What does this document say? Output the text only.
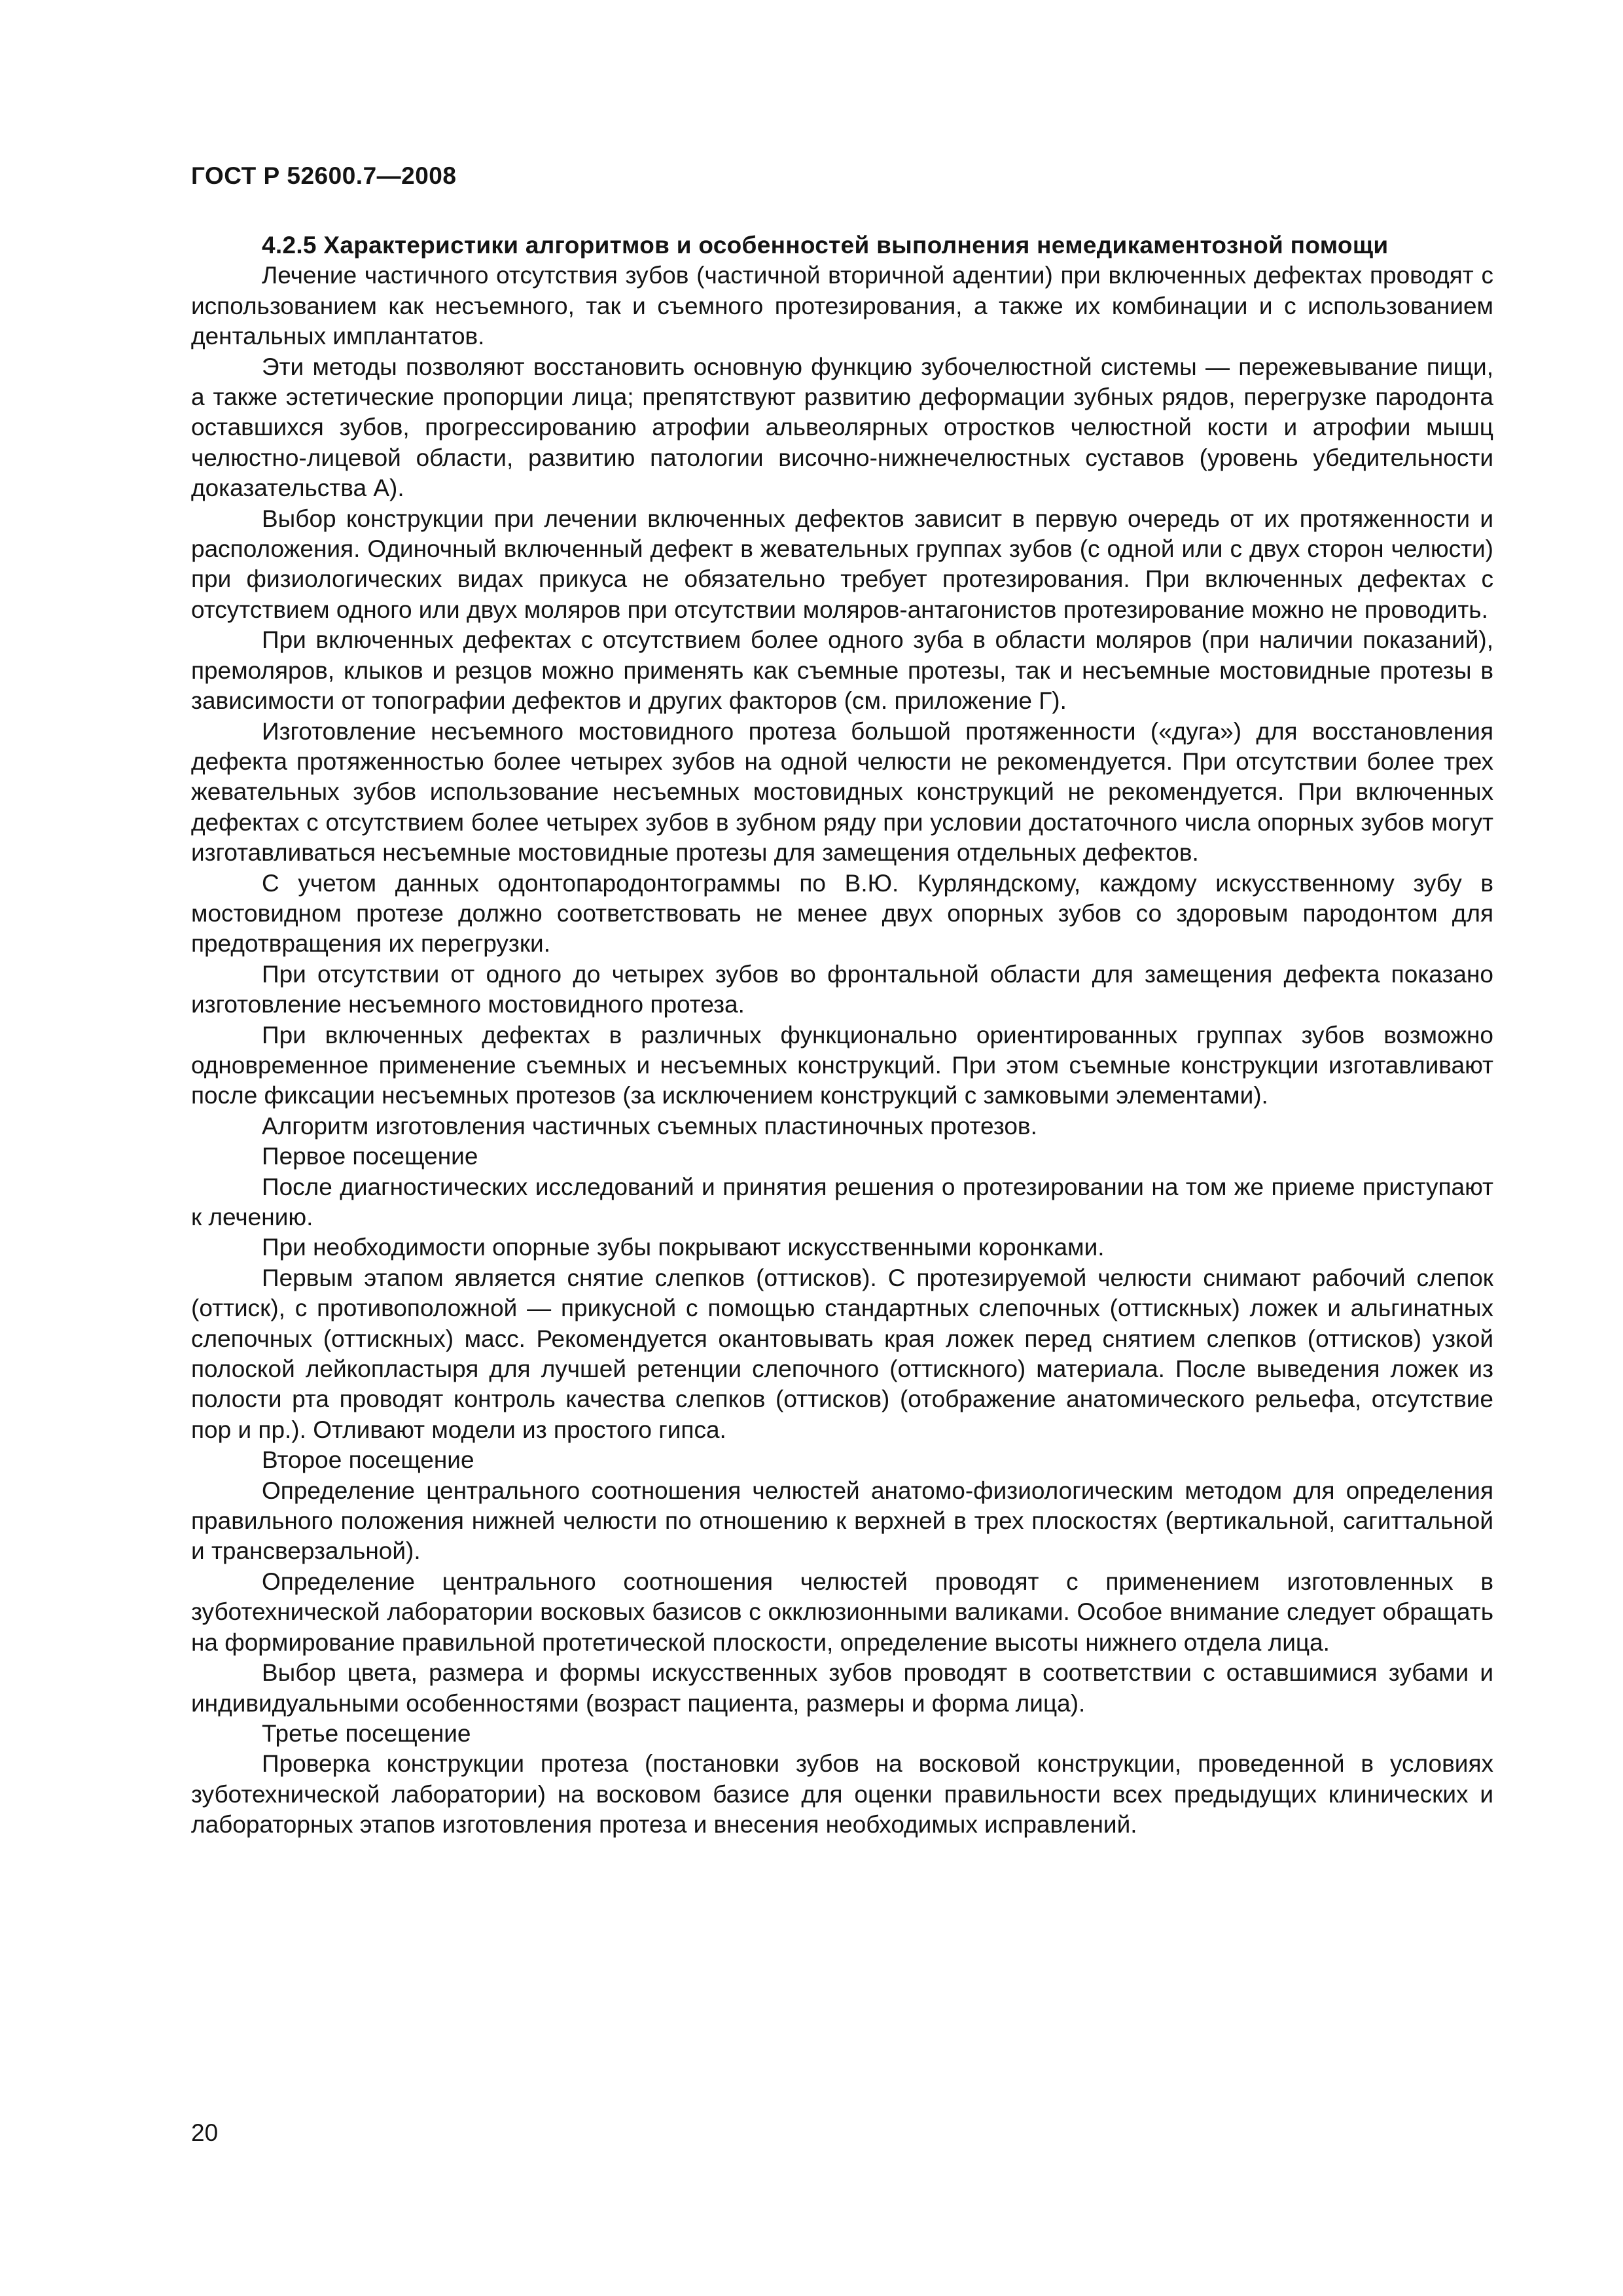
ГОСТ Р 52600.7—2008

4.2.5 Характеристики алгоритмов и особенностей выполнения немедикаментозной помощи

Лечение частичного отсутствия зубов (частичной вторичной адентии) при включенных дефектах проводят с использованием как несъемного, так и съемного протезирования, а также их комбинации и с использованием дентальных имплантатов.

Эти методы позволяют восстановить основную функцию зубочелюстной системы — пережевывание пищи, а также эстетические пропорции лица; препятствуют развитию деформации зубных рядов, перегрузке пародонта оставшихся зубов, прогрессированию атрофии альвеолярных отростков челюстной кости и атрофии мышц челюстно-лицевой области, развитию патологии височно-нижнечелюстных суставов (уровень убедительности доказательства А).

Выбор конструкции при лечении включенных дефектов зависит в первую очередь от их протяженности и расположения. Одиночный включенный дефект в жевательных группах зубов (с одной или с двух сторон челюсти) при физиологических видах прикуса не обязательно требует протезирования. При включенных дефектах с отсутствием одного или двух моляров при отсутствии моляров-антагонистов протезирование можно не проводить.

При включенных дефектах с отсутствием более одного зуба в области моляров (при наличии показаний), премоляров, клыков и резцов можно применять как съемные протезы, так и несъемные мостовидные протезы в зависимости от топографии дефектов и других факторов (см. приложение Г).

Изготовление несъемного мостовидного протеза большой протяженности («дуга») для восстановления дефекта протяженностью более четырех зубов на одной челюсти не рекомендуется. При отсутствии более трех жевательных зубов использование несъемных мостовидных конструкций не рекомендуется. При включенных дефектах с отсутствием более четырех зубов в зубном ряду при условии достаточного числа опорных зубов могут изготавливаться несъемные мостовидные протезы для замещения отдельных дефектов.

С учетом данных одонтопародонтограммы по В.Ю. Курляндскому, каждому искусственному зубу в мостовидном протезе должно соответствовать не менее двух опорных зубов со здоровым пародонтом для предотвращения их перегрузки.

При отсутствии от одного до четырех зубов во фронтальной области для замещения дефекта показано изготовление несъемного мостовидного протеза.

При включенных дефектах в различных функционально ориентированных группах зубов возможно одновременное применение съемных и несъемных конструкций. При этом съемные конструкции изготавливают после фиксации несъемных протезов (за исключением конструкций с замковыми элементами).

Алгоритм изготовления частичных съемных пластиночных протезов.

Первое посещение

После диагностических исследований и принятия решения о протезировании на том же приеме приступают к лечению.

При необходимости опорные зубы покрывают искусственными коронками.

Первым этапом является снятие слепков (оттисков). С протезируемой челюсти снимают рабочий слепок (оттиск), с противоположной — прикусной с помощью стандартных слепочных (оттискных) ложек и альгинатных слепочных (оттискных) масс. Рекомендуется окантовывать края ложек перед снятием слепков (оттисков) узкой полоской лейкопластыря для лучшей ретенции слепочного (оттискного) материала. После выведения ложек из полости рта проводят контроль качества слепков (оттисков) (отображение анатомического рельефа, отсутствие пор и пр.). Отливают модели из простого гипса.

Второе посещение

Определение центрального соотношения челюстей анатомо-физиологическим методом для определения правильного положения нижней челюсти по отношению к верхней в трех плоскостях (вертикальной, сагиттальной и трансверзальной).

Определение центрального соотношения челюстей проводят с применением изготовленных в зуботехнической лаборатории восковых базисов с окклюзионными валиками. Особое внимание следует обращать на формирование правильной протетической плоскости, определение высоты нижнего отдела лица.

Выбор цвета, размера и формы искусственных зубов проводят в соответствии с оставшимися зубами и индивидуальными особенностями (возраст пациента, размеры и форма лица).

Третье посещение

Проверка конструкции протеза (постановки зубов на восковой конструкции, проведенной в условиях зуботехнической лаборатории) на восковом базисе для оценки правильности всех предыдущих клинических и лабораторных этапов изготовления протеза и внесения необходимых исправлений.

20
